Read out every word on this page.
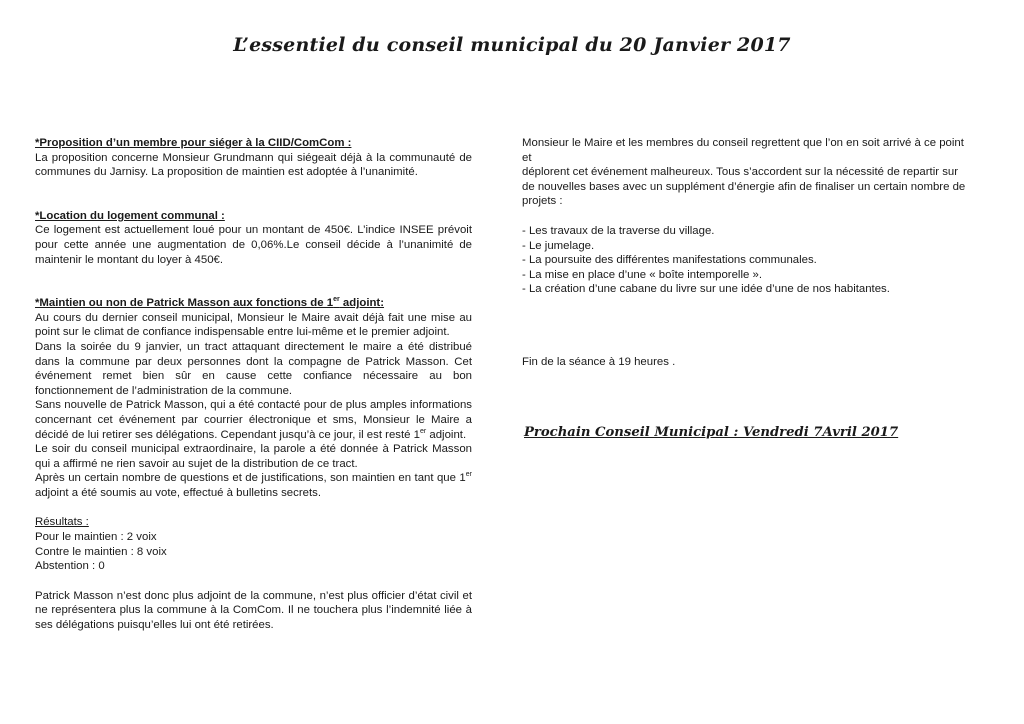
L’essentiel du conseil municipal du 20 Janvier 2017

*Proposition d’un membre pour siéger à la CIID/ComCom :

La proposition concerne Monsieur Grundmann qui siégeait déjà à la communauté de communes du Jarnisy. La proposition de maintien est adoptée à l’unanimité.

*Location du logement communal :

Ce logement est actuellement loué pour un montant de 450€. L’indice INSEE prévoit pour cette année une augmentation de 0,06%.Le conseil décide à l’unanimité de maintenir le montant du loyer à 450€.

*Maintien ou non de Patrick Masson aux fonctions de 1er adjoint:

Au cours du dernier conseil municipal, Monsieur le Maire avait déjà fait une mise au point sur le climat de confiance indispensable entre lui-même et le premier adjoint.

Dans la soirée du 9 janvier, un tract attaquant directement le maire a été distribué dans la commune par deux personnes dont la compagne de Patrick Masson. Cet événement remet bien sûr en cause cette confiance nécessaire au bon fonctionnement de l’administration de la commune.

Sans nouvelle de Patrick Masson, qui a été contacté pour de plus amples informations concernant cet événement par courrier électronique et sms, Monsieur le Maire a décidé de lui retirer ses délégations. Cependant jusqu’à ce jour, il est resté 1er adjoint.

Le soir du conseil municipal extraordinaire, la parole a été donnée à Patrick Masson qui a affirmé ne rien savoir au sujet de la distribution de ce tract.

Après un certain nombre de questions et de justifications, son maintien en tant que 1er adjoint a été soumis au vote, effectué à bulletins secrets.

Résultats :

Pour le maintien : 2 voix

Contre le maintien : 8 voix

Abstention : 0

Patrick Masson n’est donc plus adjoint de la commune, n’est plus officier d’état civil et ne représentera plus la commune à la ComCom. Il ne touchera plus l’indemnité liée à ses délégations puisqu’elles lui ont été retirées.

Monsieur le Maire et les membres du conseil regrettent que l’on en soit arrivé à ce point et

déplorent cet événement malheureux. Tous s’accordent sur la nécessité de repartir sur

de nouvelles bases avec un supplément d’énergie afin de finaliser un certain nombre de

projets :

- Les travaux de la traverse du village.
- Le jumelage.
- La poursuite des différentes manifestations communales.
- La mise en place d’une « boîte intemporelle ».
- La création d’une cabane du livre sur une idée d’une de nos habitantes.

Fin de la séance à 19 heures .

Prochain Conseil Municipal : Vendredi 7Avril 2017
